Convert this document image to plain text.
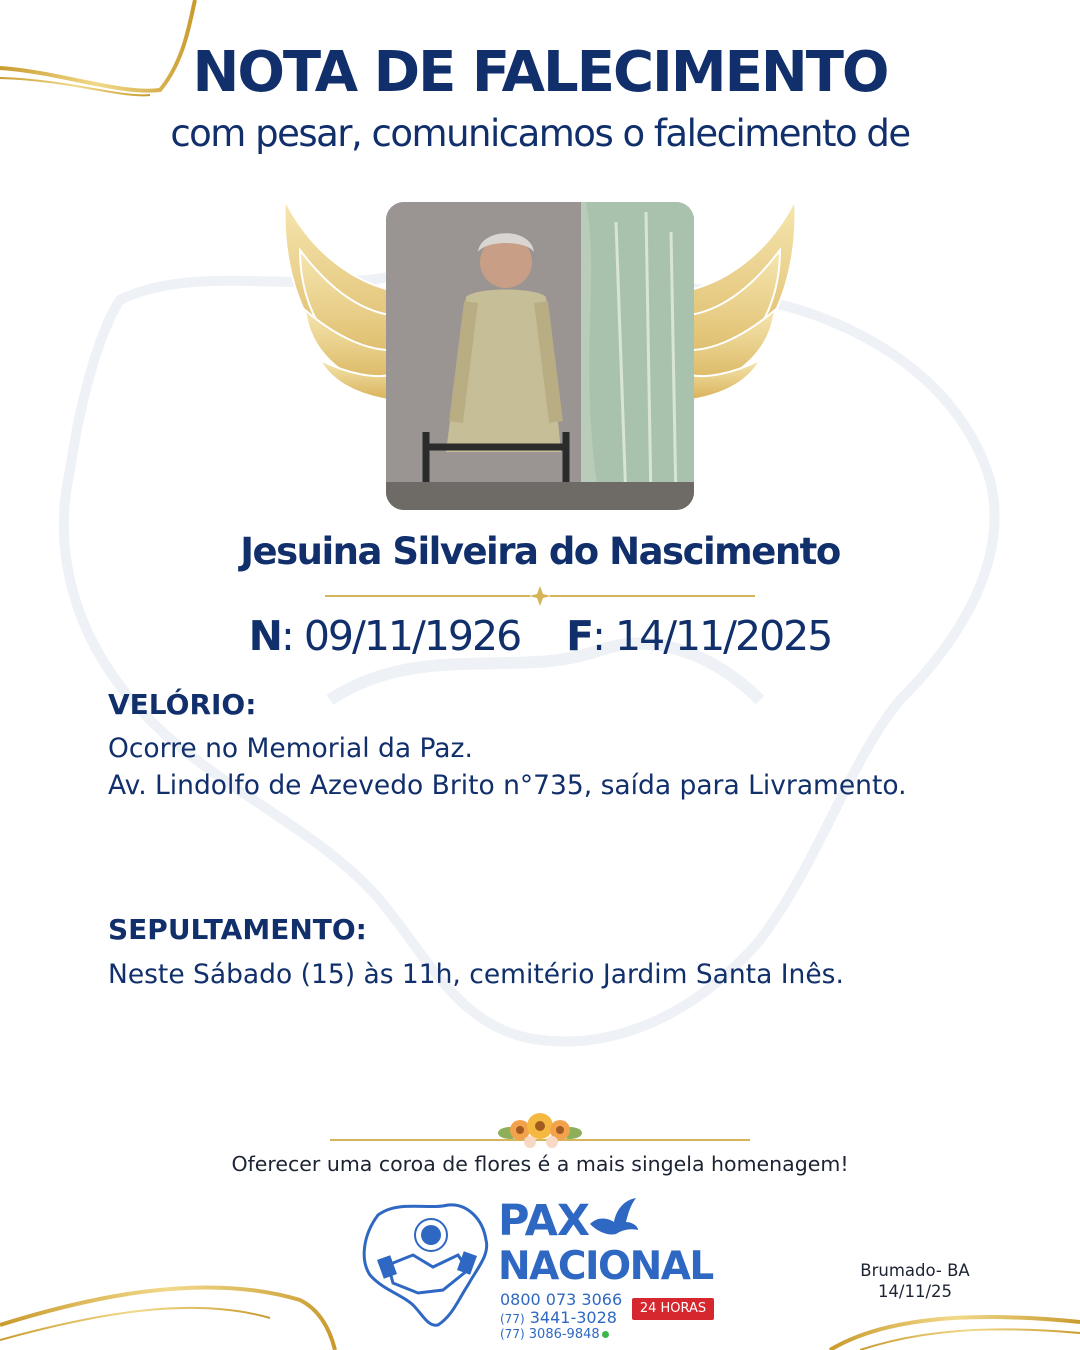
NOTA DE FALECIMENTO
com pesar, comunicamos o falecimento de
Jesuina Silveira do Nascimento
N: 09/11/1926 F: 14/11/2025
VELÓRIO:
Ocorre no Memorial da Paz.
Av. Lindolfo de Azevedo Brito n°735, saída para Livramento.
SEPULTAMENTO:
Neste Sábado (15) às 11h, cemitério Jardim Santa Inês.
Oferecer uma coroa de flores é a mais singela homenagem!
PAX
NACIONAL
0800 073 3066	24 HORAS
(77) 3441-3028
(77) 3086-9848
Brumado- BA
14/11/25
